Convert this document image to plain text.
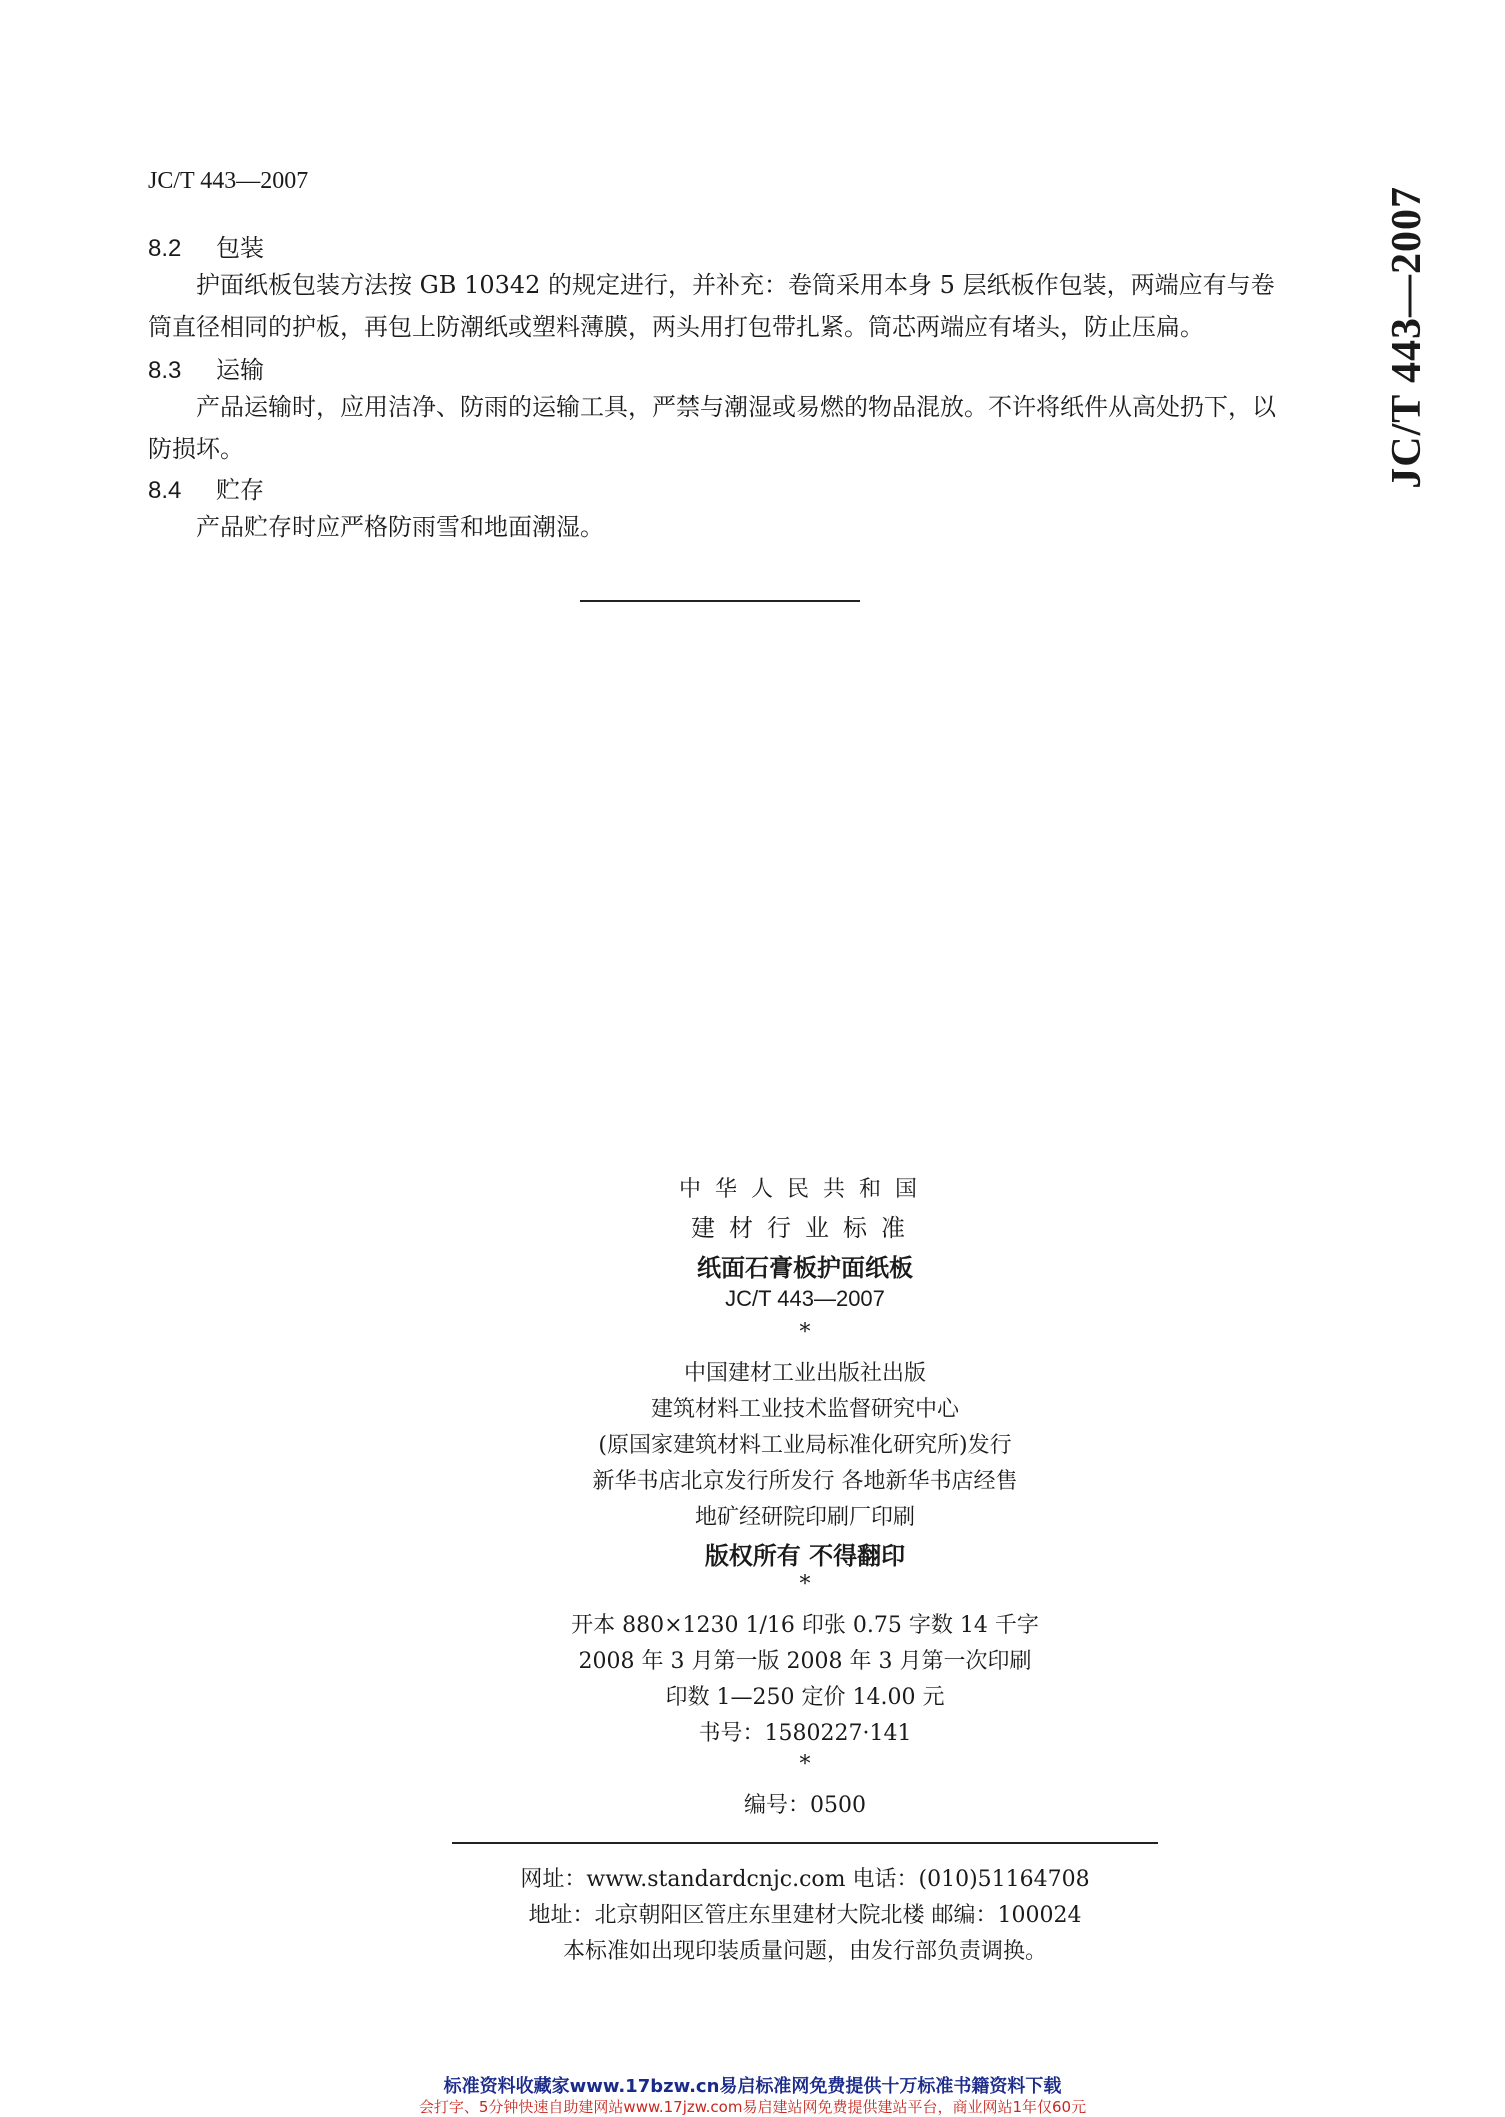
JC/T 443—2007
JC/T 443—2007
8.2 包装
护面纸板包装方法按 GB 10342 的规定进行，并补充：卷筒采用本身 5 层纸板作包装，两端应有与卷筒直径相同的护板，再包上防潮纸或塑料薄膜，两头用打包带扎紧。筒芯两端应有堵头，防止压扁。
8.3 运输
产品运输时，应用洁净、防雨的运输工具，严禁与潮湿或易燃的物品混放。不许将纸件从高处扔下，以防损坏。
8.4 贮存
产品贮存时应严格防雨雪和地面潮湿。
中华人民共和国
建材行业标准
纸面石膏板护面纸板
JC/T 443—2007
*
中国建材工业出版社出版
建筑材料工业技术监督研究中心
(原国家建筑材料工业局标准化研究所)发行
新华书店北京发行所发行 各地新华书店经售
地矿经研院印刷厂印刷
版权所有 不得翻印
*
开本 880×1230 1/16 印张 0.75 字数 14 千字
2008 年 3 月第一版 2008 年 3 月第一次印刷
印数 1—250 定价 14.00 元
书号：1580227·141
*
编号：0500
网址：www.standardcnjc.com 电话：(010)51164708
地址：北京朝阳区管庄东里建材大院北楼 邮编：100024
本标准如出现印装质量问题，由发行部负责调换。
标准资料收藏家www.17bzw.cn易启标准网免费提供十万标准书籍资料下载
会打字、5分钟快速自助建网站www.17jzw.com易启建站网免费提供建站平台，商业网站1年仅60元
